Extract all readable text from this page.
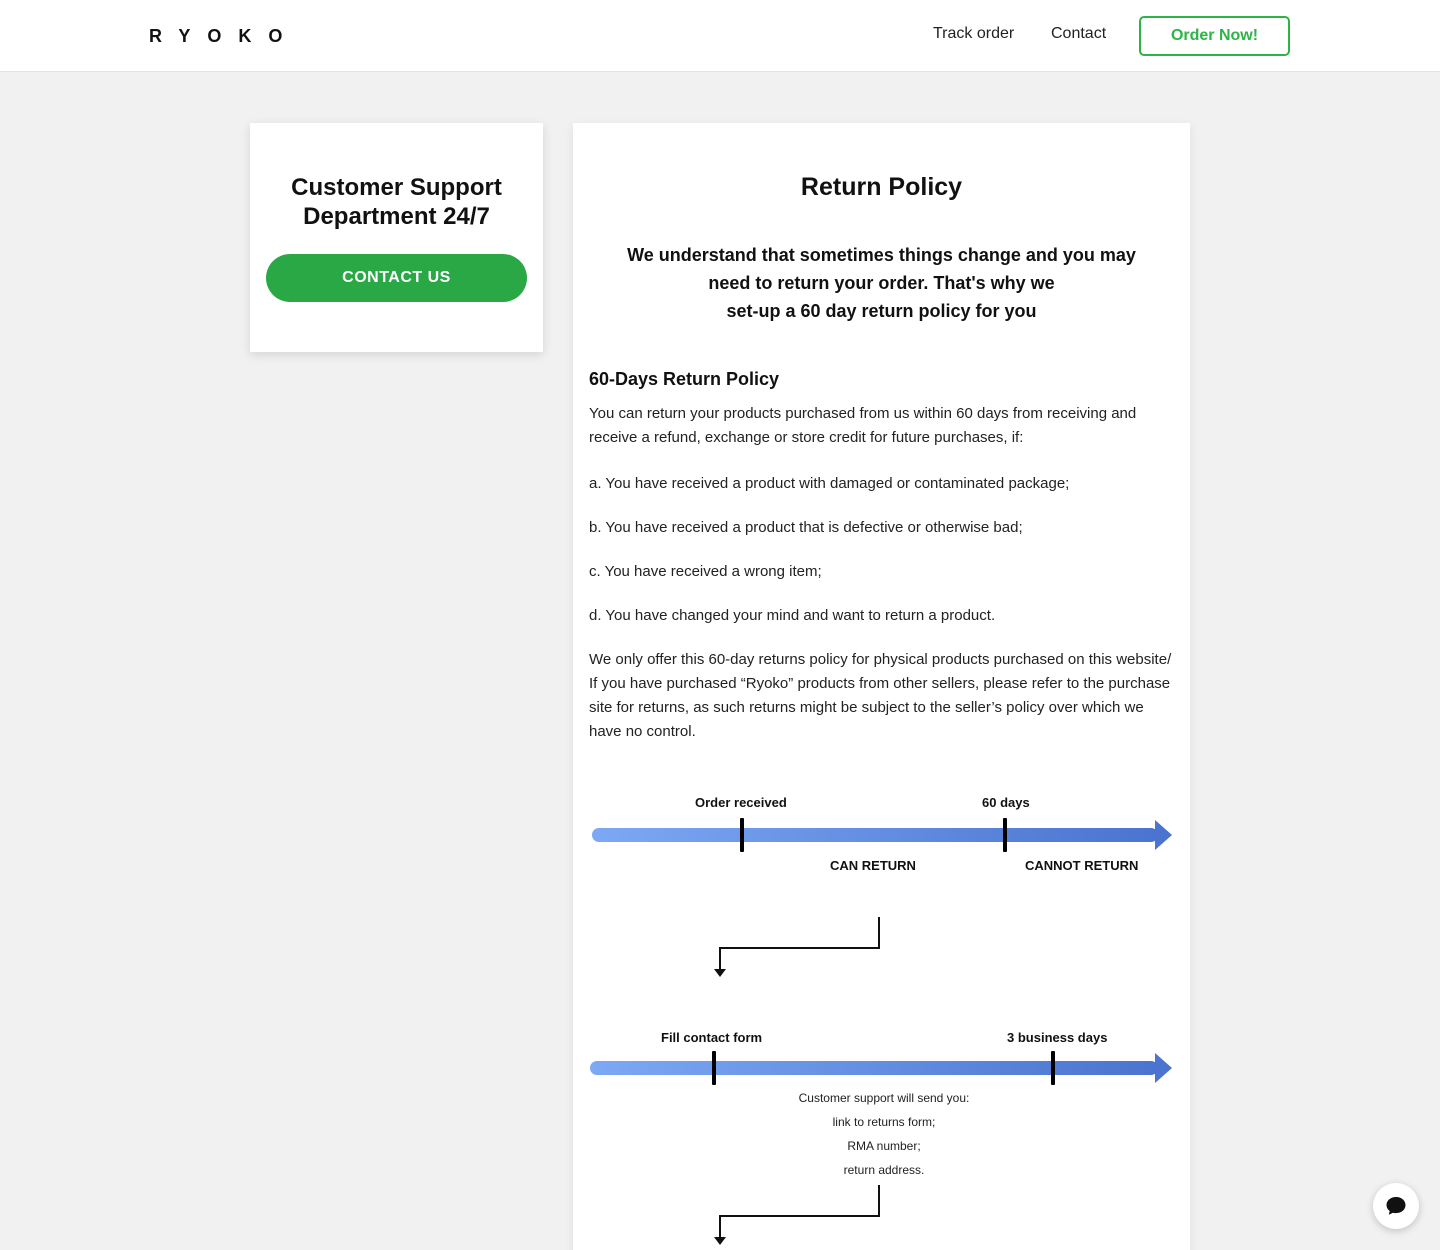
RYOKO	Track order Contact	Order Now!
Customer Support
Department 24/7
CONTACT US
Return Policy
We understand that sometimes things change and you may
need to return your order. That's why we
set-up a 60 day return policy for you
60-Days Return Policy

You can return your products purchased from us within 60 days from receiving and receive a refund, exchange or store credit for future purchases, if:

a. You have received a product with damaged or contaminated package;

b. You have received a product that is defective or otherwise bad;

c. You have received a wrong item;

d. You have changed your mind and want to return a product.

We only offer this 60-day returns policy for physical products purchased on this website/ If you have purchased “Ryoko” products from other sellers, please refer to the purchase site for returns, as such returns might be subject to the seller’s policy over which we have no control.

Order received	60 days
CAN RETURN	CANNOT RETURN
Fill contact form	3 business days
Customer support will send you:
link to returns form;
RMA number;
return address.
